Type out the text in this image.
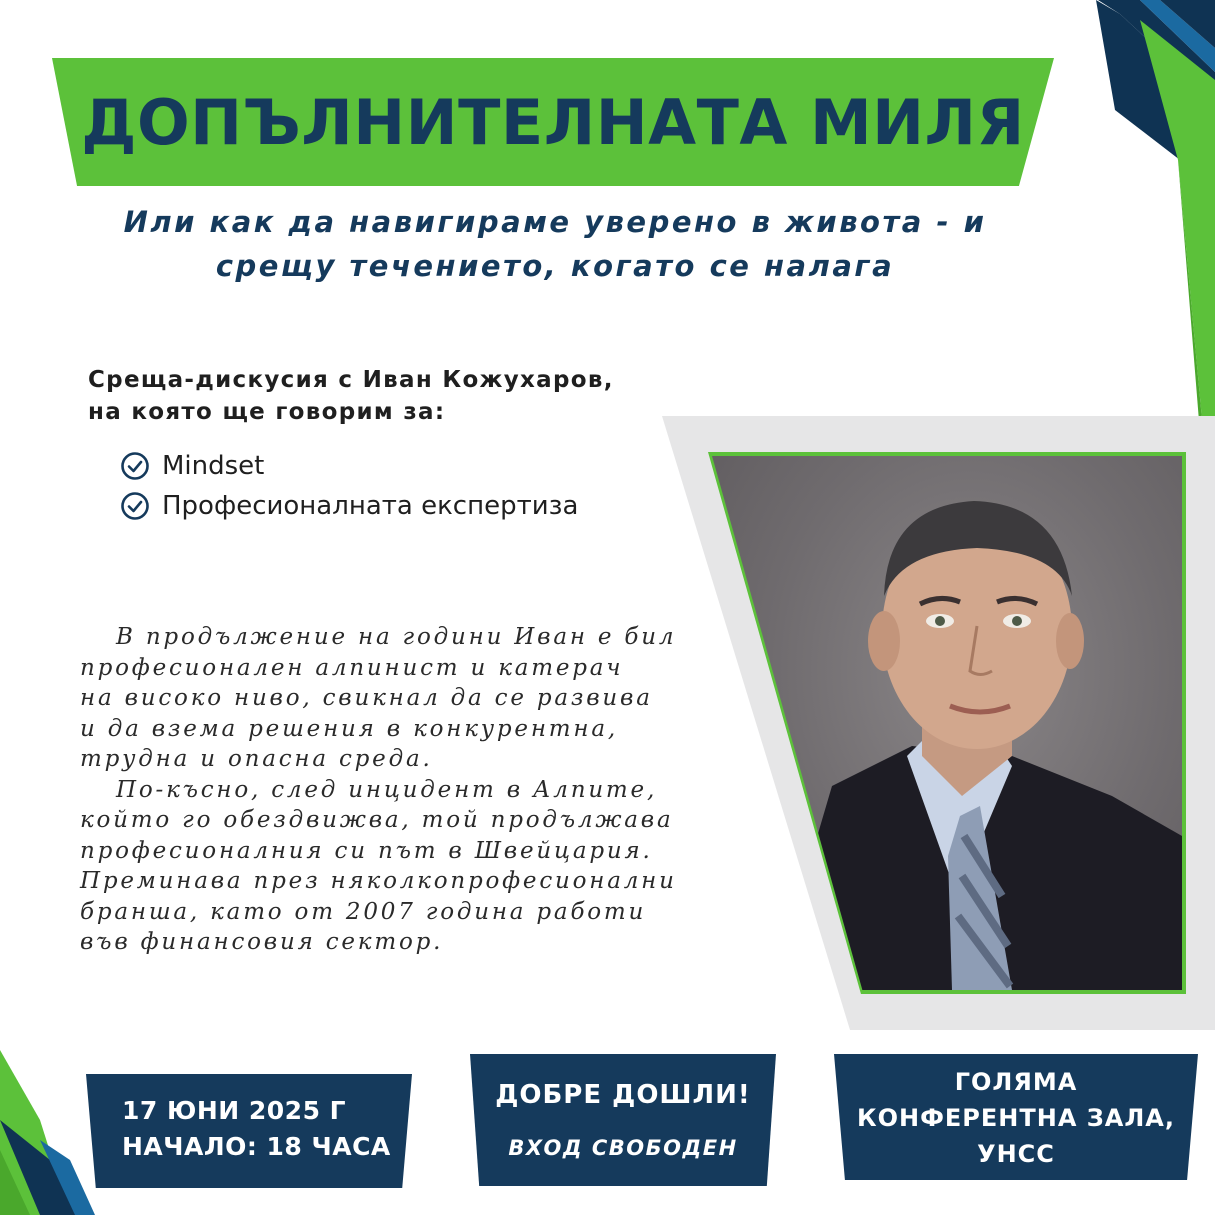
ДОПЪЛНИТЕЛНАТА МИЛЯ
Или как да навигираме уверено в живота - и
срещу течението, когато се налага
Среща-дискусия с Иван Кожухаров,
на която ще говорим за:
Mindset
Професионалната експертиза
В продължение на години Иван е бил
професионален алпинист и катерач
на високо ниво, свикнал да се развива
и да взема решения в конкурентна,
трудна и опасна среда.
По-късно, след инцидент в Алпите,
който го обездвижва, той продължава
професионалния си път в Швейцария.
Преминава през няколкопрофесионални
бранша, като от 2007 година работи
във финансовия сектор.
17 ЮНИ 2025 Г
НАЧАЛО: 18 ЧАСА
ДОБРЕ ДОШЛИ!
ВХОД СВОБОДЕН
ГОЛЯМА
КОНФЕРЕНТНА ЗАЛА,
УНСС
